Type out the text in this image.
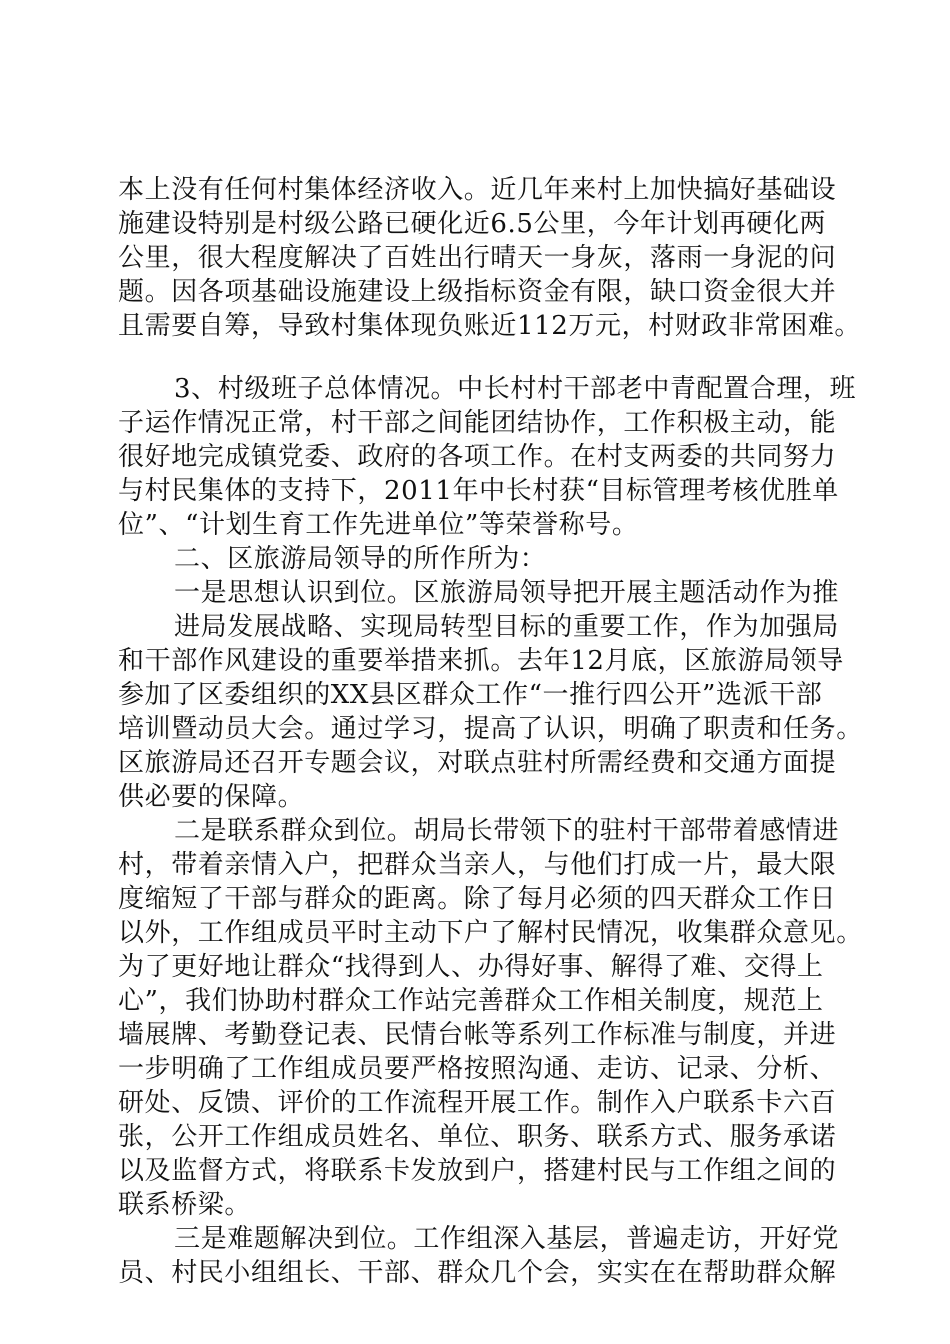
本上没有任何村集体经济收入。近几年来村上加快搞好基础设

施建设特别是村级公路已硬化近6.5公里，今年计划再硬化两

公里，很大程度解决了百姓出行晴天一身灰，落雨一身泥的问

题。因各项基础设施建设上级指标资金有限，缺口资金很大并

且需要自筹，导致村集体现负账近112万元，村财政非常困难。

3、村级班子总体情况。中长村村干部老中青配置合理，班

子运作情况正常，村干部之间能团结协作，工作积极主动，能

很好地完成镇党委、政府的各项工作。在村支两委的共同努力

与村民集体的支持下，2011年中长村获“目标管理考核优胜单

位”、“计划生育工作先进单位”等荣誉称号。

二、区旅游局领导的所作所为：

一是思想认识到位。区旅游局领导把开展主题活动作为推

进局发展战略、实现局转型目标的重要工作，作为加强局

和干部作风建设的重要举措来抓。去年12月底，区旅游局领导

参加了区委组织的XX县区群众工作“一推行四公开”选派干部

培训暨动员大会。通过学习，提高了认识，明确了职责和任务。

区旅游局还召开专题会议，对联点驻村所需经费和交通方面提

供必要的保障。

二是联系群众到位。胡局长带领下的驻村干部带着感情进

村，带着亲情入户，把群众当亲人，与他们打成一片，最大限

度缩短了干部与群众的距离。除了每月必须的四天群众工作日

以外，工作组成员平时主动下户了解村民情况，收集群众意见。

为了更好地让群众“找得到人、办得好事、解得了难、交得上

心”，我们协助村群众工作站完善群众工作相关制度，规范上

墙展牌、考勤登记表、民情台帐等系列工作标准与制度，并进

一步明确了工作组成员要严格按照沟通、走访、记录、分析、

研处、反馈、评价的工作流程开展工作。制作入户联系卡六百

张，公开工作组成员姓名、单位、职务、联系方式、服务承诺

以及监督方式，将联系卡发放到户，搭建村民与工作组之间的

联系桥梁。

三是难题解决到位。工作组深入基层，普遍走访，开好党

员、村民小组组长、干部、群众几个会，实实在在帮助群众解
